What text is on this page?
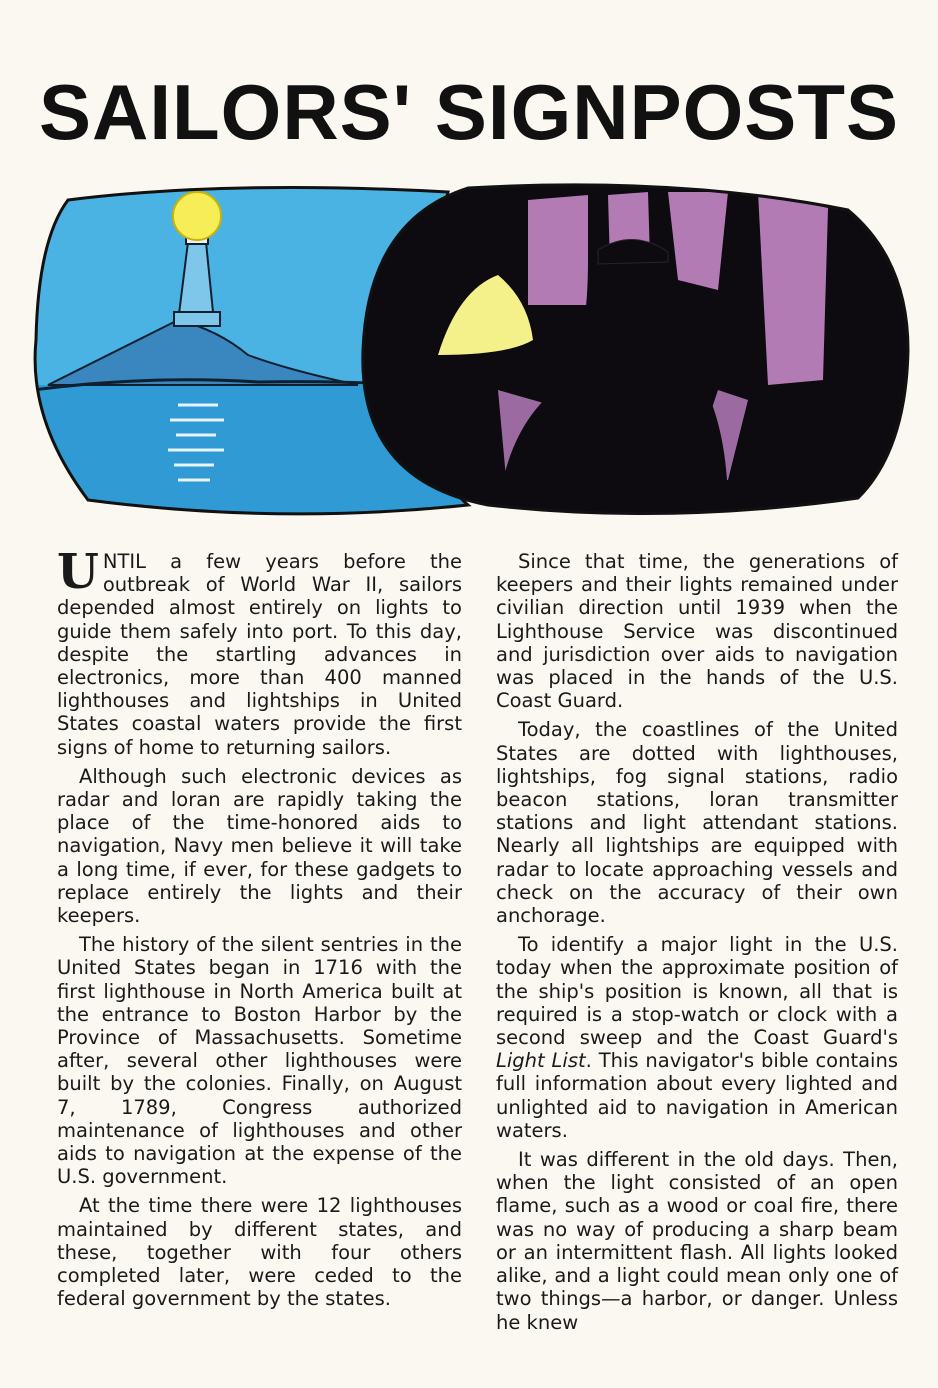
SAILORS' SIGNPOSTS

UNTIL a few years before the outbreak of World War II, sailors depended almost entirely on lights to guide them safely into port. To this day, despite the startling advances in electronics, more than 400 manned lighthouses and lightships in United States coastal waters provide the first signs of home to returning sailors.

Although such electronic devices as radar and loran are rapidly taking the place of the time-honored aids to navigation, Navy men believe it will take a long time, if ever, for these gadgets to replace entirely the lights and their keepers.

The history of the silent sentries in the United States began in 1716 with the first lighthouse in North America built at the entrance to Boston Harbor by the Province of Massachusetts. Sometime after, several other lighthouses were built by the colonies. Finally, on August 7, 1789, Congress authorized maintenance of lighthouses and other aids to navigation at the expense of the U.S. government.

At the time there were 12 lighthouses maintained by different states, and these, together with four others completed later, were ceded to the federal government by the states.

Since that time, the generations of keepers and their lights remained under civilian direction until 1939 when the Lighthouse Service was discontinued and jurisdiction over aids to navigation was placed in the hands of the U.S. Coast Guard.

Today, the coastlines of the United States are dotted with lighthouses, lightships, fog signal stations, radio beacon stations, loran transmitter stations and light attendant stations. Nearly all lightships are equipped with radar to locate approaching vessels and check on the accuracy of their own anchorage.

To identify a major light in the U.S. today when the approximate position of the ship's position is known, all that is required is a stop-watch or clock with a second sweep and the Coast Guard's Light List. This navigator's bible contains full information about every lighted and unlighted aid to navigation in American waters.

It was different in the old days. Then, when the light consisted of an open flame, such as a wood or coal fire, there was no way of producing a sharp beam or an intermittent flash. All lights looked alike, and a light could mean only one of two things—a harbor, or danger. Unless he knew
